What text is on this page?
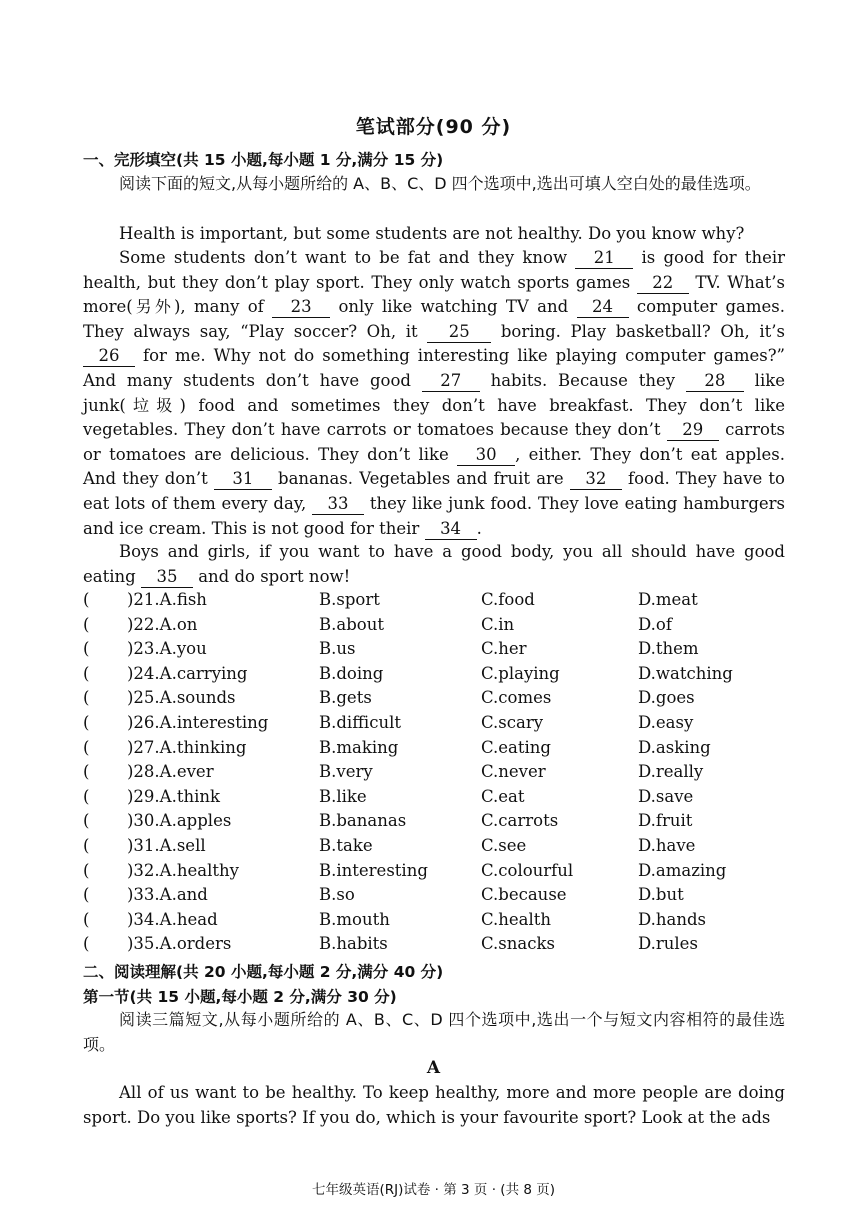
笔试部分(90 分)
一、完形填空(共 15 小题,每小题 1 分,满分 15 分)
阅读下面的短文,从每小题所给的 A、B、C、D 四个选项中,选出可填人空白处的最佳选项。
Health is important, but some students are not healthy. Do you know why?
Some students don’t want to be fat and they know 21 is good for their health, but they don’t play sport. They only watch sports games 22 TV. What’s more(另外), many of 23 only like watching TV and 24 computer games. They always say, “Play soccer? Oh, it 25 boring. Play basketball? Oh, it’s 26 for me. Why not do something interesting like playing computer games?” And many students don’t have good 27 habits. Because they 28 like junk(垃圾) food and sometimes they don’t have breakfast. They don’t like vegetables. They don’t have carrots or tomatoes because they don’t 29 carrots or tomatoes are delicious. They don’t like 30 , either. They don’t eat apples. And they don’t 31 bananas. Vegetables and fruit are 32 food. They have to eat lots of them every day, 33 they like junk food. They love eating hamburgers and ice cream. This is not good for their 34 .
Boys and girls, if you want to have a good body, you all should have good eating 35 and do sport now!
( )21.A.fish	B.sport	C.food	D.meat
( )22.A.on	B.about	C.in	D.of
( )23.A.you	B.us	C.her	D.them
( )24.A.carrying	B.doing	C.playing	D.watching
( )25.A.sounds	B.gets	C.comes	D.goes
( )26.A.interesting	B.difficult	C.scary	D.easy
( )27.A.thinking	B.making	C.eating	D.asking
( )28.A.ever	B.very	C.never	D.really
( )29.A.think	B.like	C.eat	D.save
( )30.A.apples	B.bananas	C.carrots	D.fruit
( )31.A.sell	B.take	C.see	D.have
( )32.A.healthy	B.interesting	C.colourful	D.amazing
( )33.A.and	B.so	C.because	D.but
( )34.A.head	B.mouth	C.health	D.hands
( )35.A.orders	B.habits	C.snacks	D.rules
二、阅读理解(共 20 小题,每小题 2 分,满分 40 分)
第一节(共 15 小题,每小题 2 分,满分 30 分)
阅读三篇短文,从每小题所给的 A、B、C、D 四个选项中,选出一个与短文内容相符的最佳选项。
A
All of us want to be healthy. To keep healthy, more and more people are doing sport. Do you like sports? If you do, which is your favourite sport? Look at the ads
七年级英语(RJ)试卷 · 第 3 页 · (共 8 页)
